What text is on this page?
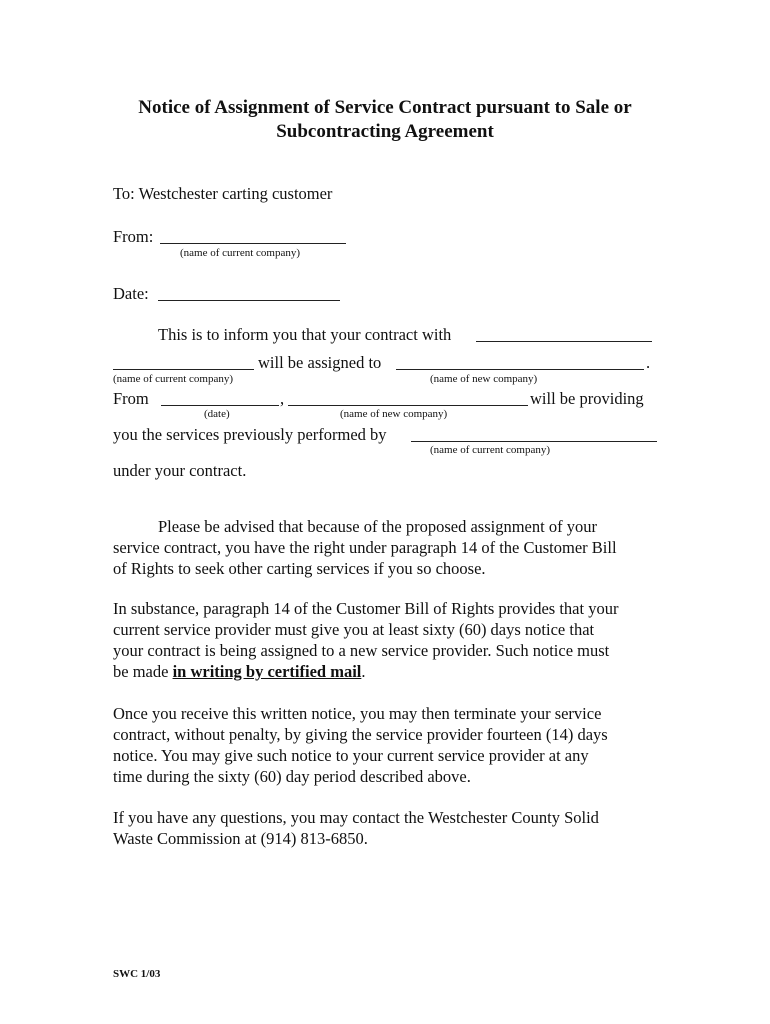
Notice of Assignment of Service Contract pursuant to Sale or
Subcontracting Agreement
To: Westchester carting customer
From:
(name of current company)
Date:
This is to inform you that your contract with
will be assigned to	.
(name of current company)	(name of new company)
From	,	will be providing
(date)	(name of new company)
you the services previously performed by
(name of current company)
under your contract.
Please be advised that because of the proposed assignment of your
service contract, you have the right under paragraph 14 of the Customer Bill
of Rights to seek other carting services if you so choose.
In substance, paragraph 14 of the Customer Bill of Rights provides that your
current service provider must give you at least sixty (60) days notice that
your contract is being assigned to a new service provider. Such notice must
be made in writing by certified mail.
Once you receive this written notice, you may then terminate your service
contract, without penalty, by giving the service provider fourteen (14) days
notice. You may give such notice to your current service provider at any
time during the sixty (60) day period described above.
If you have any questions, you may contact the Westchester County Solid
Waste Commission at (914) 813-6850.
SWC 1/03
